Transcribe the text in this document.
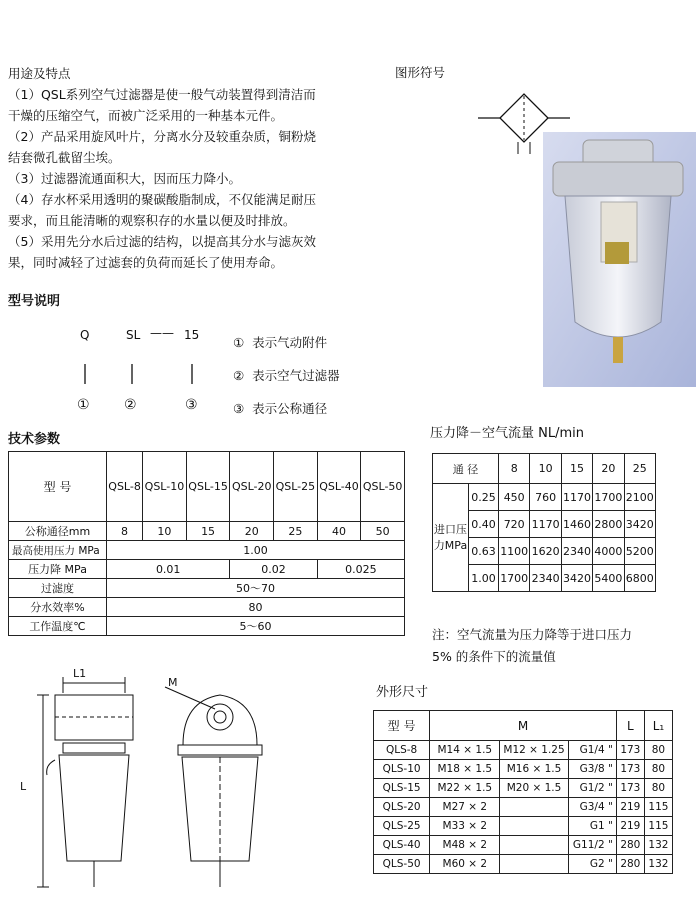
用途及特点
（1）QSL系列空气过滤器是使一般气动装置得到清洁而
干燥的压缩空气，而被广泛采用的一种基本元件。
（2）产品采用旋风叶片，分离水分及较重杂质，铜粉烧
结套微孔截留尘埃。
（3）过滤器流通面积大，因而压力降小。
（4）存水杯采用透明的聚碳酸脂制成，不仅能满足耐压
要求，而且能清晰的观察积存的水量以便及时排放。
（5）采用先分水后过滤的结构，以提高其分水与滤灰效
果，同时减轻了过滤套的负荷而延长了使用寿命。
图形符号
型号说明
Q	SL —— 15
① ②	③
① 表示气动附件
② 表示空气过滤器
③ 表示公称通径
技术参数
型 号	QSL-8	QSL-10	QSL-15	QSL-20	QSL-25	QSL-40	QSL-50
公称通径mm	8	10	15	20	25	40	50
最高使用压力 MPa	1.00						
压力降 MPa	0.01			0.02		0.025	
过滤度	50～70						
分水效率%	80						
工作温度℃	5～60						
压力降－空气流量 NL/min
通 径		8	10	15	20	25
进口压力MPa	0.25	450	760	1170	1700	2100
	0.40	720	1170	1460	2800	3420
	0.63	1100	1620	2340	4000	5200
	1.00	1700	2340	3420	5400	6800
注：空气流量为压力降等于进口压力
5% 的条件下的流量值
L1
L
M
外形尺寸
型 号	M			L	L₁
QLS-8	M14 × 1.5	M12 × 1.25	G1/4 "	173	80
QLS-10	M18 × 1.5	M16 × 1.5	G3/8 "	173	80
QLS-15	M22 × 1.5	M20 × 1.5	G1/2 "	173	80
QLS-20	M27 × 2		G3/4 "	219	115
QLS-25	M33 × 2		G1 "	219	115
QLS-40	M48 × 2		G11/2 "	280	132
QLS-50	M60 × 2		G2 "	280	132
